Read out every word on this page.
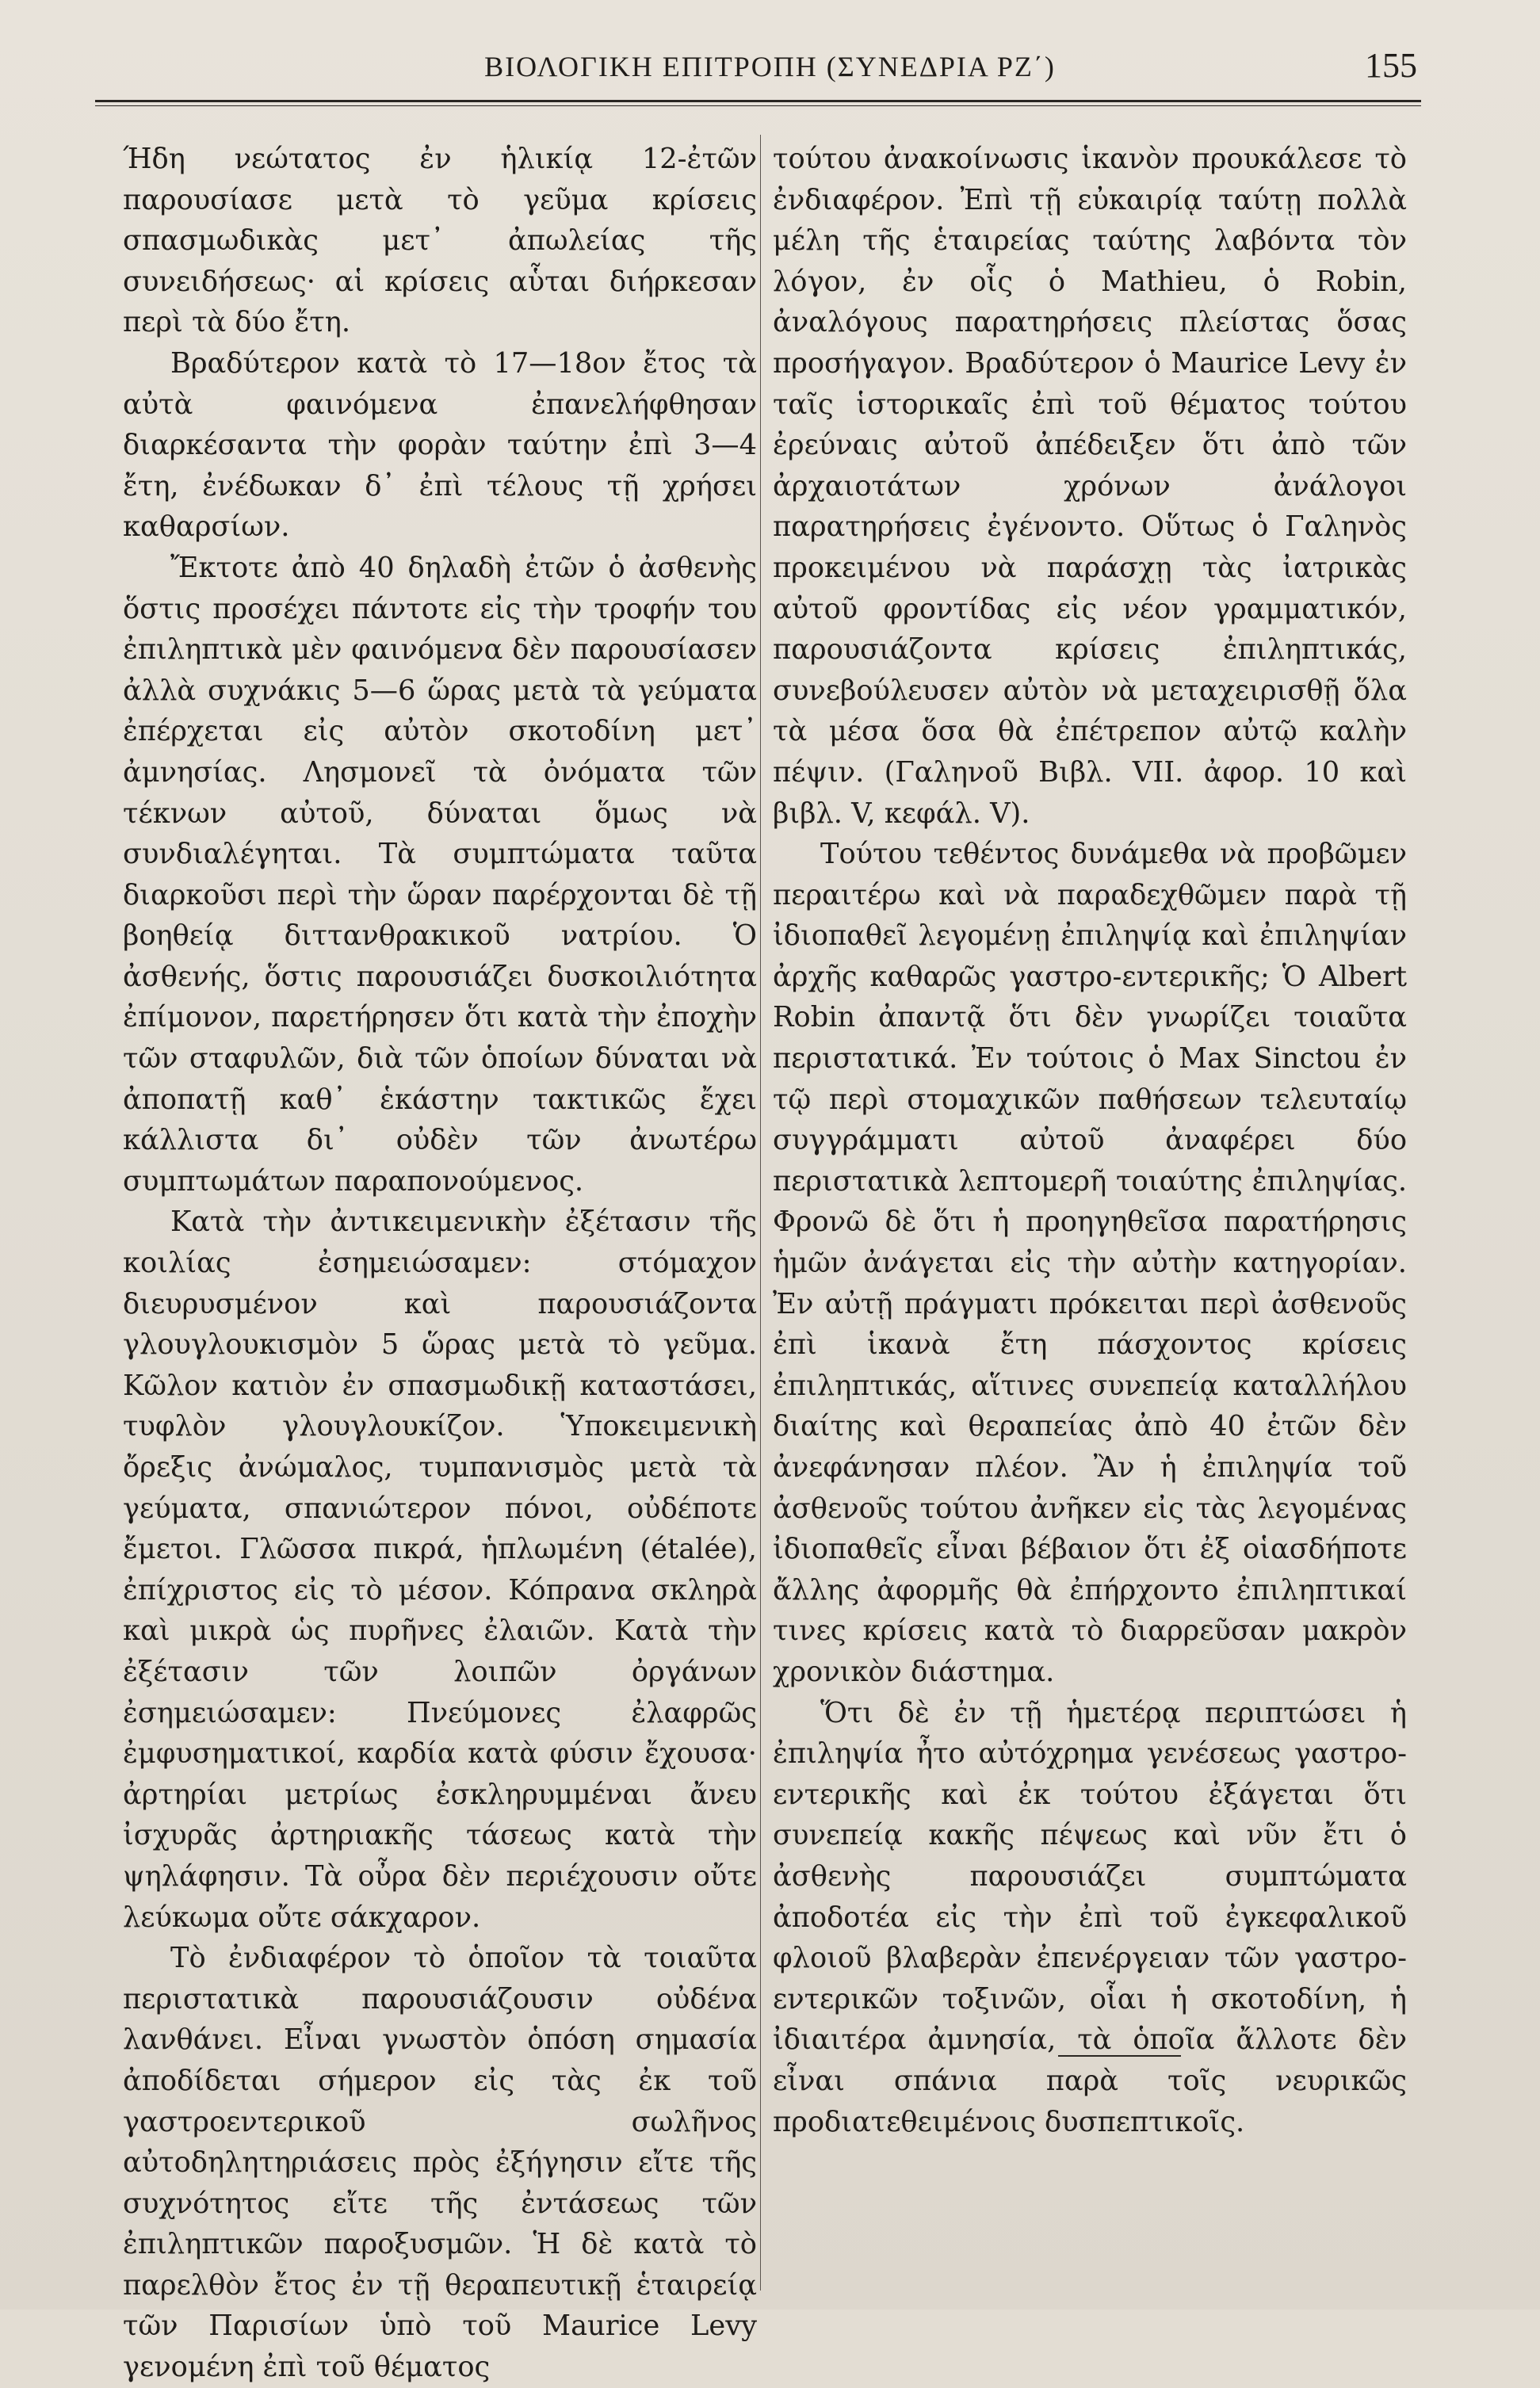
ΒΙΟΛΟΓΙΚΗ ΕΠΙΤΡΟΠΗ (ΣΥΝΕΔΡΙΑ ΡΖ΄)	155

Ήδη νεώτατος ἐν ἡλικίᾳ 12-ἐτῶν παρουσίασε μετὰ τὸ γεῦμα κρίσεις σπασμωδικὰς μετ᾽ ἀπωλείας τῆς συνειδήσεως· αἱ κρίσεις αὗται διήρκεσαν περὶ τὰ δύο ἔτη.

Βραδύτερον κατὰ τὸ 17—18ον ἔτος τὰ αὐτὰ φαινόμενα ἐπανελήφθησαν διαρκέσαντα τὴν φορὰν ταύτην ἐπὶ 3—4 ἔτη, ἐνέδωκαν δ᾽ ἐπὶ τέλους τῇ χρήσει καθαρσίων.

Ἔκτοτε ἀπὸ 40 δηλαδὴ ἐτῶν ὁ ἀσθενὴς ὅστις προσέχει πάντοτε εἰς τὴν τροφήν του ἐπιληπτικὰ μὲν φαινόμενα δὲν παρουσίασεν ἀλλὰ συχνάκις 5—6 ὥρας μετὰ τὰ γεύματα ἐπέρχεται εἰς αὐτὸν σκοτοδίνη μετ᾽ ἀμνησίας. Λησμονεῖ τὰ ὀνόματα τῶν τέκνων αὐτοῦ, δύναται ὅμως νὰ συνδιαλέγηται. Τὰ συμπτώματα ταῦτα διαρκοῦσι περὶ τὴν ὥραν παρέρχονται δὲ τῇ βοηθείᾳ διττανθρακικοῦ νατρίου. Ὁ ἀσθενής, ὅστις παρουσιάζει δυσκοιλιότητα ἐπίμονον, παρετήρησεν ὅτι κατὰ τὴν ἐποχὴν τῶν σταφυλῶν, διὰ τῶν ὁποίων δύναται νὰ ἀποπατῇ καθ᾽ ἑκάστην τακτικῶς ἔχει κάλλιστα δι᾽ οὐδὲν τῶν ἀνωτέρω συμπτωμάτων παραπονούμενος.

Κατὰ τὴν ἀντικειμενικὴν ἐξέτασιν τῆς κοιλίας ἐσημειώσαμεν: στόμαχον διευρυσμένον καὶ παρουσιάζοντα γλουγλουκισμὸν 5 ὥρας μετὰ τὸ γεῦμα. Κῶλον κατιὸν ἐν σπασμωδικῇ καταστάσει, τυφλὸν γλουγλουκίζον. Ὑποκειμενικὴ ὄρεξις ἀνώμαλος, τυμπανισμὸς μετὰ τὰ γεύματα, σπανιώτερον πόνοι, οὐδέποτε ἔμετοι. Γλῶσσα πικρά, ἡπλωμένη (étalée), ἐπίχριστος εἰς τὸ μέσον. Κόπρανα σκληρὰ καὶ μικρὰ ὡς πυρῆνες ἐλαιῶν. Κατὰ τὴν ἐξέτασιν τῶν λοιπῶν ὀργάνων ἐσημειώσαμεν: Πνεύμονες ἐλαφρῶς ἐμφυσηματικοί, καρδία κατὰ φύσιν ἔχουσα· ἀρτηρίαι μετρίως ἐσκληρυμμέναι ἄνευ ἰσχυρᾶς ἀρτηριακῆς τάσεως κατὰ τὴν ψηλάφησιν. Τὰ οὖρα δὲν περιέχουσιν οὔτε λεύκωμα οὔτε σάκχαρον.

Τὸ ἐνδιαφέρον τὸ ὁποῖον τὰ τοιαῦτα περιστατικὰ παρουσιάζουσιν οὐδένα λανθάνει. Εἶναι γνωστὸν ὁπόση σημασία ἀποδίδεται σήμερον εἰς τὰς ἐκ τοῦ γαστροεντερικοῦ σωλῆνος αὐτοδηλητηριάσεις πρὸς ἐξήγησιν εἴτε τῆς συχνότητος εἴτε τῆς ἐντάσεως τῶν ἐπιληπτικῶν παροξυσμῶν. Ἡ δὲ κατὰ τὸ παρελθὸν ἔτος ἐν τῇ θεραπευτικῇ ἑταιρείᾳ τῶν Παρισίων ὑπὸ τοῦ Maurice Levy γενομένη ἐπὶ τοῦ θέματος

τούτου ἀνακοίνωσις ἱκανὸν προυκάλεσε τὸ ἐνδιαφέρον. Ἐπὶ τῇ εὐκαιρίᾳ ταύτῃ πολλὰ μέλη τῆς ἑταιρείας ταύτης λαβόντα τὸν λόγον, ἐν οἷς ὁ Mathieu, ὁ Robin, ἀναλόγους παρατηρήσεις πλείστας ὅσας προσήγαγον. Βραδύτερον ὁ Maurice Levy ἐν ταῖς ἱστορικαῖς ἐπὶ τοῦ θέματος τούτου ἐρεύναις αὐτοῦ ἀπέδειξεν ὅτι ἀπὸ τῶν ἀρχαιοτάτων χρόνων ἀνάλογοι παρατηρήσεις ἐγένοντο. Οὕτως ὁ Γαληνὸς προκειμένου νὰ παράσχῃ τὰς ἰατρικὰς αὐτοῦ φροντίδας εἰς νέον γραμματικόν, παρουσιάζοντα κρίσεις ἐπιληπτικάς, συνεβούλευσεν αὐτὸν νὰ μεταχειρισθῇ ὅλα τὰ μέσα ὅσα θὰ ἐπέτρεπον αὐτῷ καλὴν πέψιν. (Γαληνοῦ Βιβλ. VII. ἀφορ. 10 καὶ βιβλ. V, κεφάλ. V).

Τούτου τεθέντος δυνάμεθα νὰ προβῶμεν περαιτέρω καὶ νὰ παραδεχθῶμεν παρὰ τῇ ἰδιοπαθεῖ λεγομένῃ ἐπιληψίᾳ καὶ ἐπιληψίαν ἀρχῆς καθαρῶς γαστρο-εντερικῆς; Ὁ Albert Robin ἀπαντᾷ ὅτι δὲν γνωρίζει τοιαῦτα περιστατικά. Ἐν τούτοις ὁ Max Sinctou ἐν τῷ περὶ στομαχικῶν παθήσεων τελευταίῳ συγγράμματι αὐτοῦ ἀναφέρει δύο περιστατικὰ λεπτομερῆ τοιαύτης ἐπιληψίας. Φρονῶ δὲ ὅτι ἡ προηγηθεῖσα παρατήρησις ἡμῶν ἀνάγεται εἰς τὴν αὐτὴν κατηγορίαν. Ἐν αὐτῇ πράγματι πρόκειται περὶ ἀσθενοῦς ἐπὶ ἱκανὰ ἔτη πάσχοντος κρίσεις ἐπιληπτικάς, αἵτινες συνεπείᾳ καταλλήλου διαίτης καὶ θεραπείας ἀπὸ 40 ἐτῶν δὲν ἀνεφάνησαν πλέον. Ἂν ἡ ἐπιληψία τοῦ ἀσθενοῦς τούτου ἀνῆκεν εἰς τὰς λεγομένας ἰδιοπαθεῖς εἶναι βέβαιον ὅτι ἐξ οἱασδήποτε ἄλλης ἀφορμῆς θὰ ἐπήρχοντο ἐπιληπτικαί τινες κρίσεις κατὰ τὸ διαρρεῦσαν μακρὸν χρονικὸν διάστημα.

Ὅτι δὲ ἐν τῇ ἡμετέρᾳ περιπτώσει ἡ ἐπιληψία ἦτο αὐτόχρημα γενέσεως γαστρο-εντερικῆς καὶ ἐκ τούτου ἐξάγεται ὅτι συνεπείᾳ κακῆς πέψεως καὶ νῦν ἔτι ὁ ἀσθενὴς παρουσιάζει συμπτώματα ἀποδοτέα εἰς τὴν ἐπὶ τοῦ ἐγκεφαλικοῦ φλοιοῦ βλαβερὰν ἐπενέργειαν τῶν γαστρο-εντερικῶν τοξινῶν, οἷαι ἡ σκοτοδίνη, ἡ ἰδιαιτέρα ἀμνησία, τὰ ὁποῖα ἄλλοτε δὲν εἶναι σπάνια παρὰ τοῖς νευρικῶς προδιατεθειμένοις δυσπεπτικοῖς.
